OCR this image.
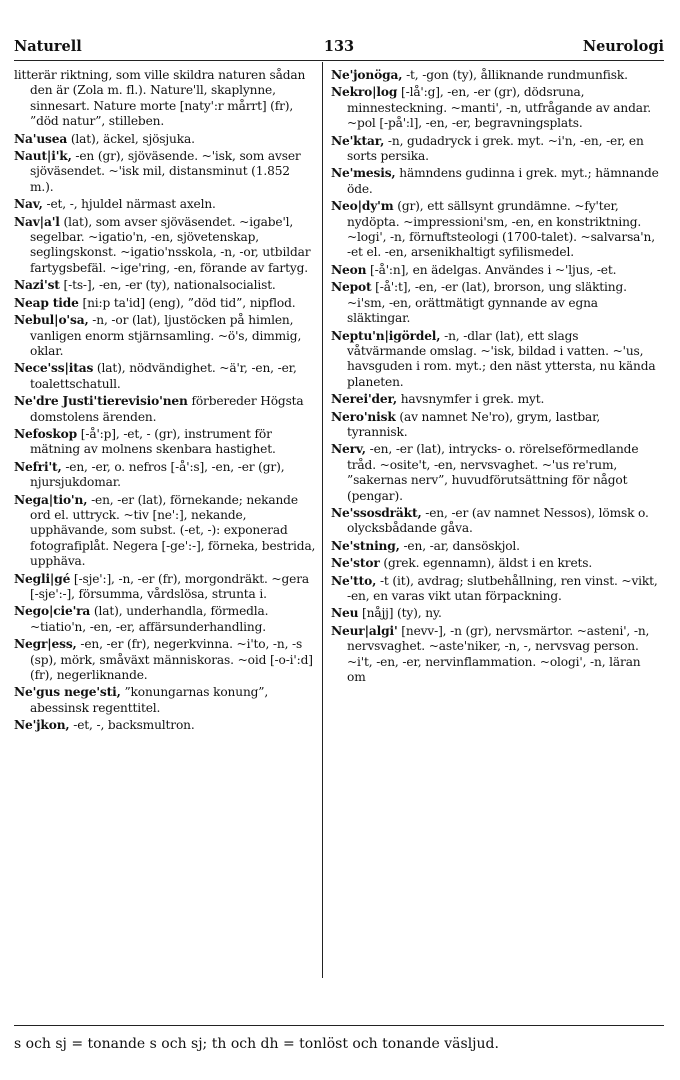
Naturell	133	Neurologi
litterär riktning, som ville skildra naturen sådan den är (Zola m. fl.). Nature'll, skaplynne, sinnesart. Nature morte [naty':r mårrt] (fr), ”död natur”, stilleben.
Na'usea (lat), äckel, sjösjuka.
Naut|i'k, -en (gr), sjöväsende. ~'isk, som avser sjöväsendet. ~'isk mil, distansminut (1.852 m.).
Nav, -et, -, hjuldel närmast axeln.
Nav|a'l (lat), som avser sjöväsendet. ~igabe'l, segelbar. ~igatio'n, -en, sjövetenskap, seglingskonst. ~igatio'nsskola, -n, -or, utbildar fartygsbefäl. ~ige'ring, -en, förande av fartyg.
Nazi'st [-ts-], -en, -er (ty), nationalsocialist.
Neap tide [ni:p ta'id] (eng), ”död tid”, nipflod.
Nebul|o'sa, -n, -or (lat), ljustöcken på himlen, vanligen enorm stjärnsamling. ~ö's, dimmig, oklar.
Nece'ss|itas (lat), nödvändighet. ~ä'r, -en, -er, toalettschatull.
Ne'dre Justi'tierevisio'nen förbereder Högsta domstolens ärenden.
Nefoskop [-å':p], -et, - (gr), instrument för mätning av molnens skenbara hastighet.
Nefri't, -en, -er, o. nefros [-å':s], -en, -er (gr), njursjukdomar.
Nega|tio'n, -en, -er (lat), förnekande; nekande ord el. uttryck. ~tiv [ne':], nekande, upphävande, som subst. (-et, -): exponerad fotografiplåt. Negera [-ge':-], förneka, bestrida, upphäva.
Negli|gé [-sje':], -n, -er (fr), morgondräkt. ~gera [-sje':-], försumma, vårdslösa, strunta i.
Nego|cie'ra (lat), underhandla, förmedla. ~tiatio'n, -en, -er, affärsunderhandling.
Negr|ess, -en, -er (fr), negerkvinna. ~i'to, -n, -s (sp), mörk, småväxt människoras. ~oid [-o-i':d] (fr), negerliknande.
Ne'gus nege'sti, ”konungarnas konung”, abessinsk regenttitel.
Ne'jkon, -et, -, backsmultron.
Ne'jonöga, -t, -gon (ty), ålliknande rundmunfisk.
Nekro|log [-lå':g], -en, -er (gr), dödsruna, minnesteckning. ~manti', -n, utfrågande av andar. ~pol [-på':l], -en, -er, begravningsplats.
Ne'ktar, -n, gudadryck i grek. myt. ~i'n, -en, -er, en sorts persika.
Ne'mesis, hämndens gudinna i grek. myt.; hämnande öde.
Neo|dy'm (gr), ett sällsynt grundämne. ~fy'ter, nydöpta. ~impressioni'sm, -en, en konstriktning. ~logi', -n, förnuftsteologi (1700-talet). ~salvarsa'n, -et el. -en, arsenikhaltigt syfilismedel.
Neon [-å':n], en ädelgas. Användes i ~'ljus, -et.
Nepot [-å':t], -en, -er (lat), brorson, ung släkting. ~i'sm, -en, orättmätigt gynnande av egna släktingar.
Neptu'n|igördel, -n, -dlar (lat), ett slags våtvärmande omslag. ~'isk, bildad i vatten. ~'us, havsguden i rom. myt.; den näst yttersta, nu kända planeten.
Nerei'der, havsnymfer i grek. myt.
Nero'nisk (av namnet Ne'ro), grym, lastbar, tyrannisk.
Nerv, -en, -er (lat), intrycks- o. rörelseförmedlande tråd. ~osite't, -en, nervsvaghet. ~'us re'rum, ”sakernas nerv”, huvudförutsättning för något (pengar).
Ne'ssosdräkt, -en, -er (av namnet Nessos), lömsk o. olycksbådande gåva.
Ne'stning, -en, -ar, dansöskjol.
Ne'stor (grek. egennamn), äldst i en krets.
Ne'tto, -t (it), avdrag; slutbehållning, ren vinst. ~vikt, -en, en varas vikt utan förpackning.
Neu [nåjj] (ty), ny.
Neur|algi' [nevv-], -n (gr), nervsmärtor. ~asteni', -n, nervsvaghet. ~aste'niker, -n, -, nervsvag person. ~i't, -en, -er, nervinflammation. ~ologi', -n, läran om
s och sj = tonande s och sj; th och dh = tonlöst och tonande väsljud.
